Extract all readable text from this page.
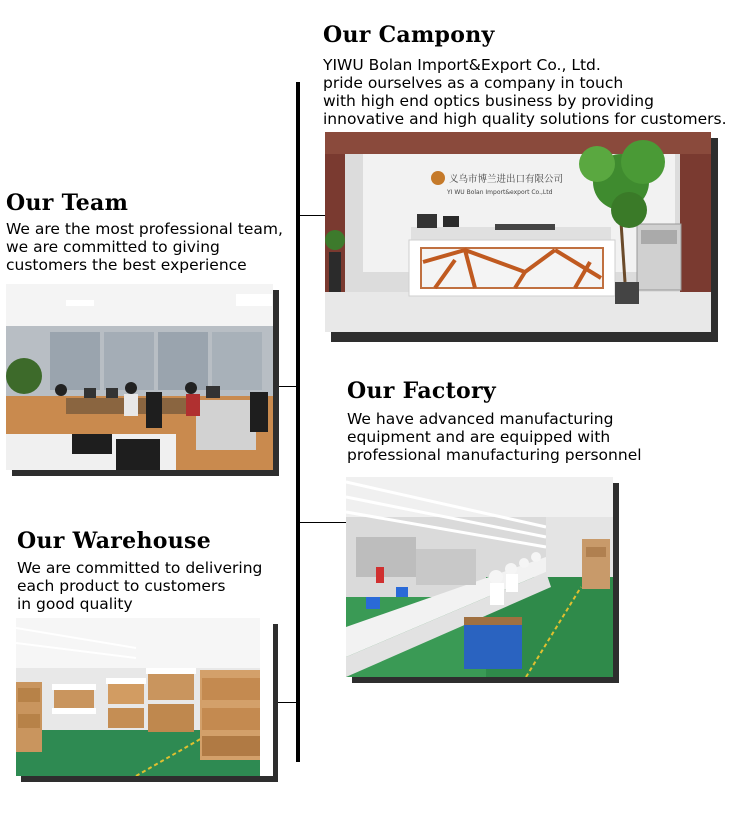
Our Campony
YIWU Bolan Import&Export Co., Ltd.
pride ourselves as a company in touch
with high end optics business by providing
innovative and high quality solutions for customers.
义乌市博兰进出口有限公司
YI WU Bolan Import&export Co.,Ltd
Our Team
We are the most professional team,
we are committed to giving
customers the best experience
Our Factory
We have advanced manufacturing
equipment and are equipped with
professional manufacturing personnel
Our Warehouse
We are committed to delivering
each product to customers
in good quality
